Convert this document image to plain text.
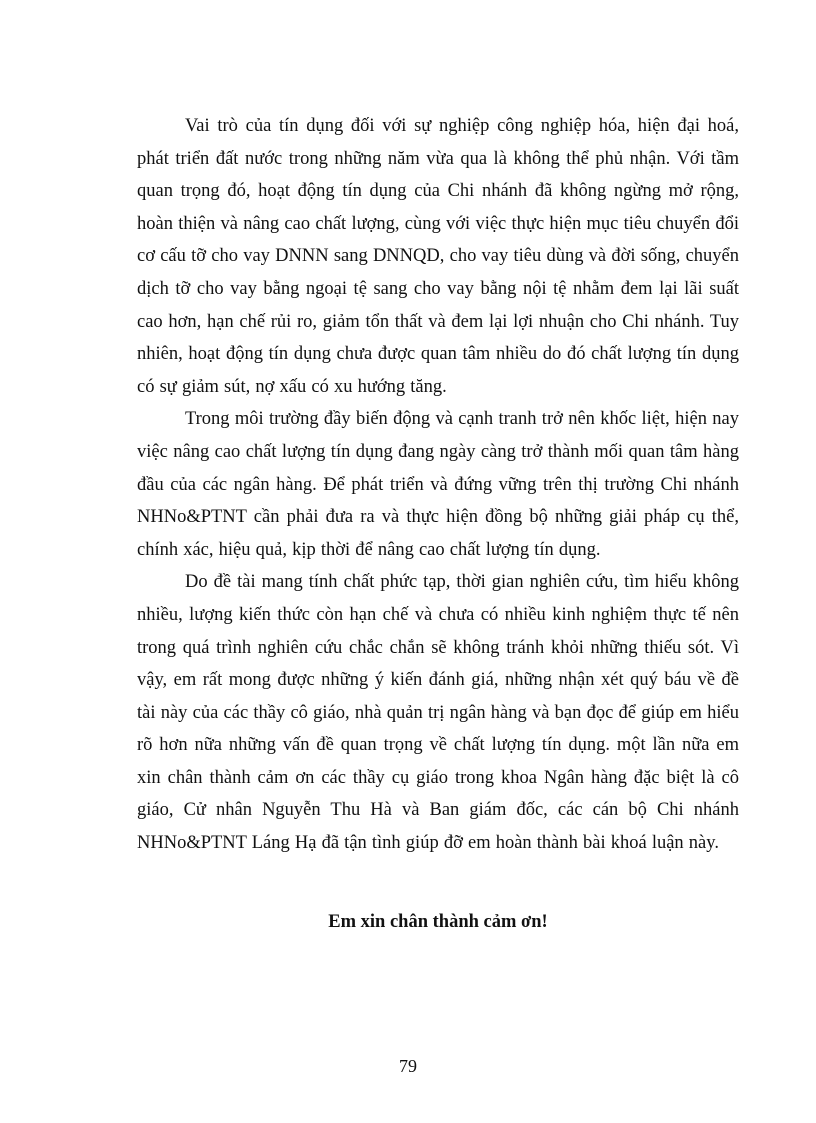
Vai trò của tín dụng đối với sự nghiệp công nghiệp hóa, hiện đại hoá, phát triển đất nước trong những năm vừa qua là không thể phủ nhận. Với tầm quan trọng đó, hoạt động tín dụng của Chi nhánh đã không ngừng mở rộng, hoàn thiện và nâng cao chất lượng, cùng với việc thực hiện mục tiêu chuyển đổi cơ cấu tỡ cho vay DNNN sang DNNQD, cho vay tiêu dùng và đời sống, chuyển dịch tỡ cho vay bằng ngoại tệ sang cho vay bằng nội tệ nhằm đem lại lãi suất cao hơn, hạn chế rủi ro, giảm tổn thất và đem lại lợi nhuận cho Chi nhánh. Tuy nhiên, hoạt động tín dụng chưa được quan tâm nhiều do đó chất lượng tín dụng có sự giảm sút, nợ xấu có xu hướng tăng.

Trong môi trường đầy biến động và cạnh tranh trở nên khốc liệt, hiện nay việc nâng cao chất lượng tín dụng đang ngày càng trở thành mối quan tâm hàng đầu của các ngân hàng. Để phát triển và đứng vững trên thị trường Chi nhánh NHNo&PTNT cần phải đưa ra và thực hiện đồng bộ những giải pháp cụ thể, chính xác, hiệu quả, kịp thời để nâng cao chất lượng tín dụng.

Do đề tài mang tính chất phức tạp, thời gian nghiên cứu, tìm hiểu không nhiều, lượng kiến thức còn hạn chế và chưa có nhiều kinh nghiệm thực tế nên trong quá trình nghiên cứu chắc chắn sẽ không tránh khỏi những thiếu sót. Vì vậy, em rất mong được những ý kiến đánh giá, những nhận xét quý báu về đề tài này của các thầy cô giáo, nhà quản trị ngân hàng và bạn đọc để giúp em hiểu rõ hơn nữa những vấn đề quan trọng về chất lượng tín dụng. một lần nữa em xin chân thành cảm ơn các thầy cụ giáo trong khoa Ngân hàng đặc biệt là cô giáo, Cử nhân Nguyễn Thu Hà và Ban giám đốc, các cán bộ Chi nhánh NHNo&PTNT Láng Hạ đã tận tình giúp đỡ em hoàn thành bài khoá luận này.

Em xin chân thành cảm ơn!

79
